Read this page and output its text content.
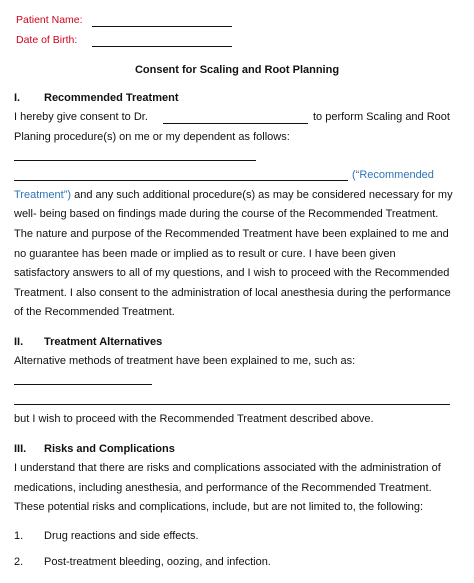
Patient Name:
Date of Birth:
Consent for Scaling and Root Planning
I. Recommended Treatment
I hereby give consent to Dr.	to perform Scaling and Root
Planing procedure(s) on me or my dependent as follows:
(“Recommended
Treatment”) and any such additional procedure(s) as may be considered necessary for my
well- being based on findings made during the course of the Recommended Treatment.
The nature and purpose of the Recommended Treatment have been explained to me and
no guarantee has been made or implied as to result or cure. I have been given
satisfactory answers to all of my questions, and I wish to proceed with the Recommended
Treatment. I also consent to the administration of local anesthesia during the performance
of the Recommended Treatment.
II. Treatment Alternatives
Alternative methods of treatment have been explained to me, such as:
but I wish to proceed with the Recommended Treatment described above.
III. Risks and Complications
I understand that there are risks and complications associated with the administration of
medications, including anesthesia, and performance of the Recommended Treatment.
These potential risks and complications, include, but are not limited to, the following:
1. Drug reactions and side effects.
2. Post-treatment bleeding, oozing, and infection.
